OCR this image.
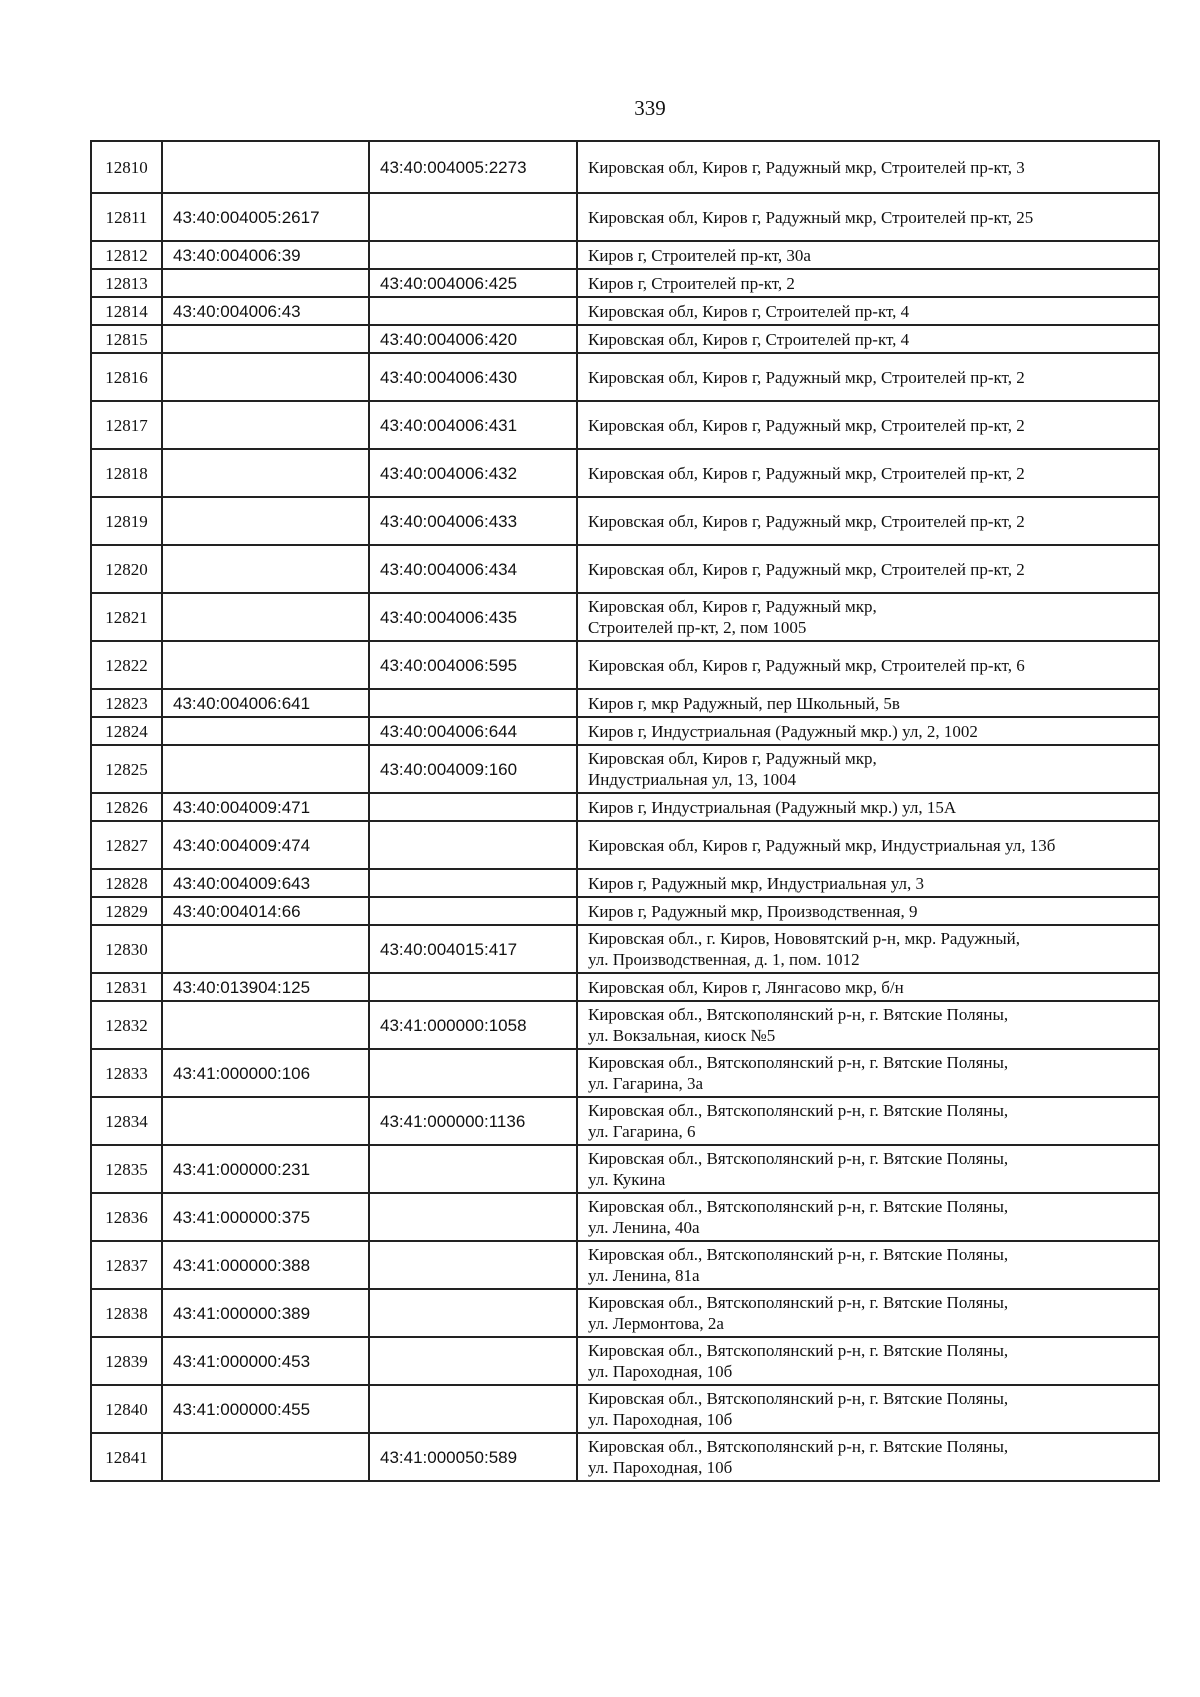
339
12810		43:40:004005:2273	Кировская обл, Киров г, Радужный мкр, Строителей пр-кт, 3
12811	43:40:004005:2617		Кировская обл, Киров г, Радужный мкр, Строителей пр-кт, 25
12812	43:40:004006:39		Киров г, Строителей пр-кт, 30а
12813		43:40:004006:425	Киров г, Строителей пр-кт, 2
12814	43:40:004006:43		Кировская обл, Киров г, Строителей пр-кт, 4
12815		43:40:004006:420	Кировская обл, Киров г, Строителей пр-кт, 4
12816		43:40:004006:430	Кировская обл, Киров г, Радужный мкр, Строителей пр-кт, 2
12817		43:40:004006:431	Кировская обл, Киров г, Радужный мкр, Строителей пр-кт, 2
12818		43:40:004006:432	Кировская обл, Киров г, Радужный мкр, Строителей пр-кт, 2
12819		43:40:004006:433	Кировская обл, Киров г, Радужный мкр, Строителей пр-кт, 2
12820		43:40:004006:434	Кировская обл, Киров г, Радужный мкр, Строителей пр-кт, 2
12821		43:40:004006:435	Кировская обл, Киров г, Радужный мкр,
Строителей пр-кт, 2, пом 1005
12822		43:40:004006:595	Кировская обл, Киров г, Радужный мкр, Строителей пр-кт, 6
12823	43:40:004006:641		Киров г, мкр Радужный, пер Школьный, 5в
12824		43:40:004006:644	Киров г, Индустриальная (Радужный мкр.) ул, 2, 1002
12825		43:40:004009:160	Кировская обл, Киров г, Радужный мкр,
Индустриальная ул, 13, 1004
12826	43:40:004009:471		Киров г, Индустриальная (Радужный мкр.) ул, 15А
12827	43:40:004009:474		Кировская обл, Киров г, Радужный мкр, Индустриальная ул, 13б
12828	43:40:004009:643		Киров г, Радужный мкр, Индустриальная ул, 3
12829	43:40:004014:66		Киров г, Радужный мкр, Производственная, 9
12830		43:40:004015:417	Кировская обл., г. Киров, Нововятский р-н, мкр. Радужный,
ул. Производственная, д. 1, пом. 1012
12831	43:40:013904:125		Кировская обл, Киров г, Лянгасово мкр, б/н
12832		43:41:000000:1058	Кировская обл., Вятскополянский р-н, г. Вятские Поляны,
ул. Вокзальная, киоск №5
12833	43:41:000000:106		Кировская обл., Вятскополянский р-н, г. Вятские Поляны,
ул. Гагарина, 3а
12834		43:41:000000:1136	Кировская обл., Вятскополянский р-н, г. Вятские Поляны,
ул. Гагарина, 6
12835	43:41:000000:231		Кировская обл., Вятскополянский р-н, г. Вятские Поляны,
ул. Кукина
12836	43:41:000000:375		Кировская обл., Вятскополянский р-н, г. Вятские Поляны,
ул. Ленина, 40а
12837	43:41:000000:388		Кировская обл., Вятскополянский р-н, г. Вятские Поляны,
ул. Ленина, 81а
12838	43:41:000000:389		Кировская обл., Вятскополянский р-н, г. Вятские Поляны,
ул. Лермонтова, 2а
12839	43:41:000000:453		Кировская обл., Вятскополянский р-н, г. Вятские Поляны,
ул. Пароходная, 10б
12840	43:41:000000:455		Кировская обл., Вятскополянский р-н, г. Вятские Поляны,
ул. Пароходная, 10б
12841		43:41:000050:589	Кировская обл., Вятскополянский р-н, г. Вятские Поляны,
ул. Пароходная, 10б
